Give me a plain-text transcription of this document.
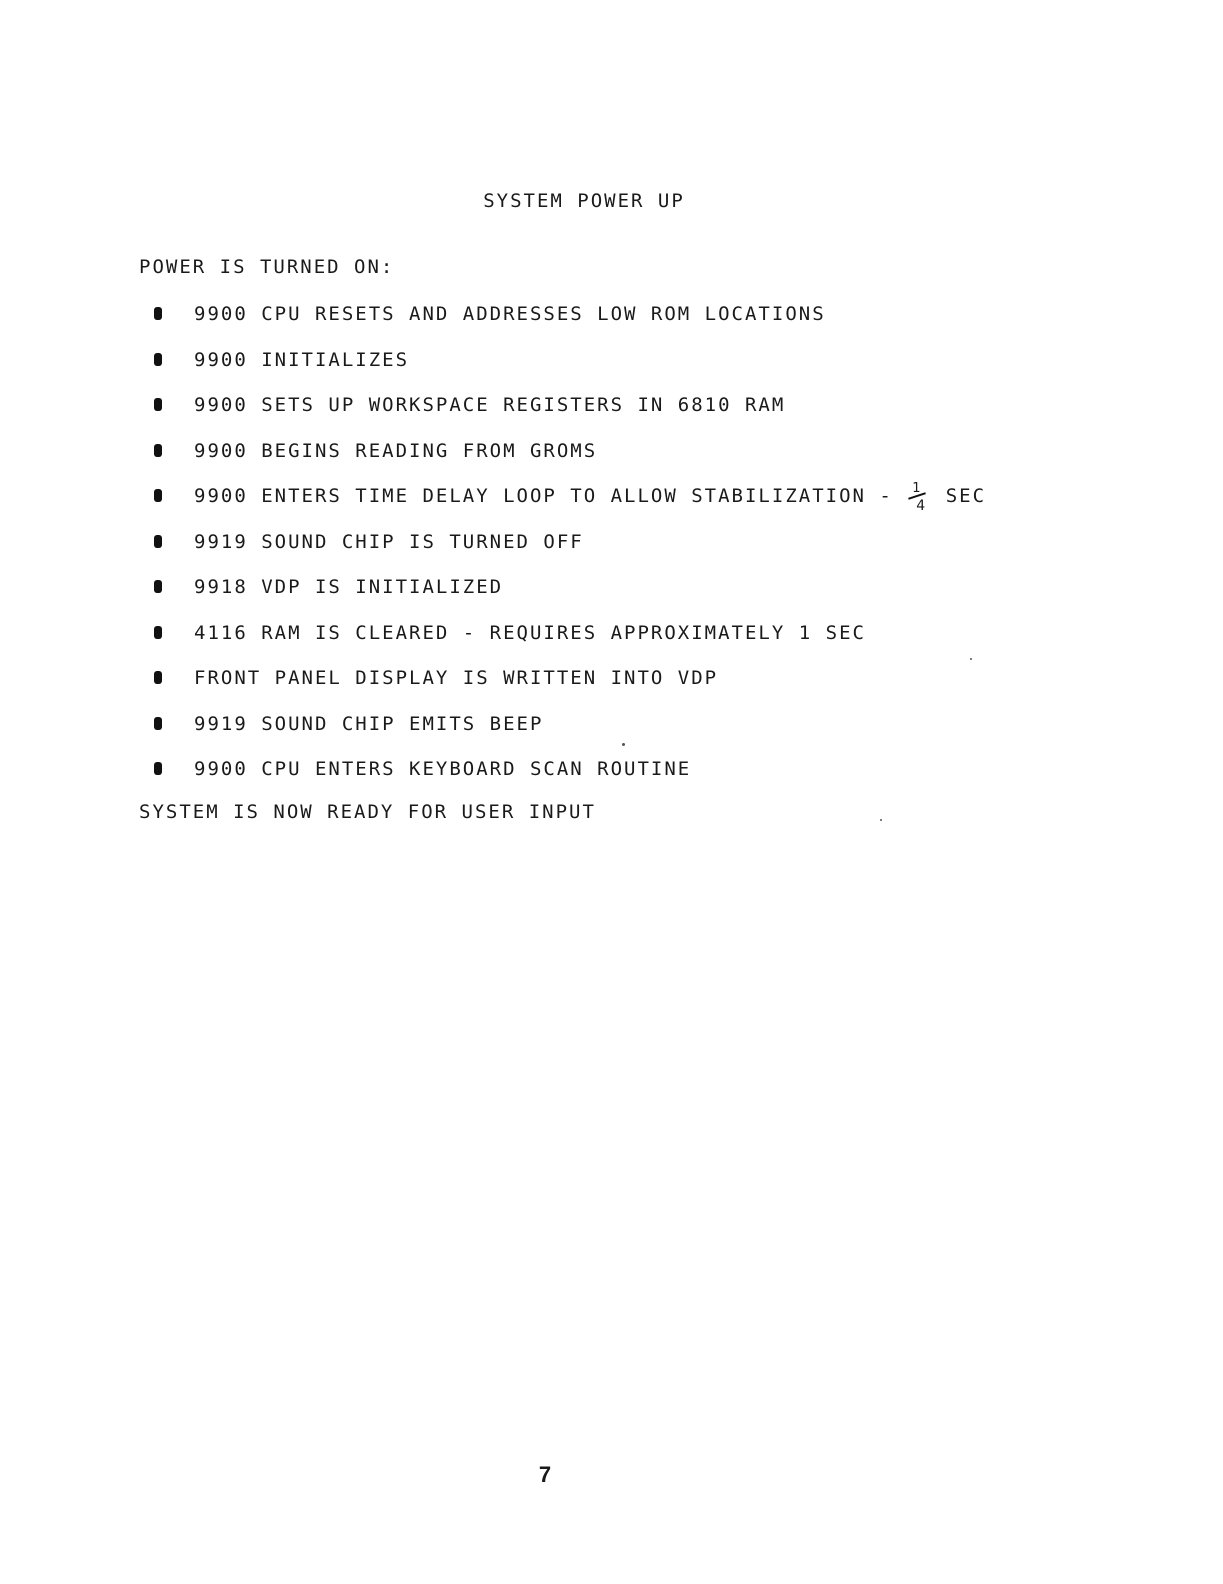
SYSTEM POWER UP
POWER IS TURNED ON:
9900 CPU RESETS AND ADDRESSES LOW ROM LOCATIONS
9900 INITIALIZES
9900 SETS UP WORKSPACE REGISTERS IN 6810 RAM
9900 BEGINS READING FROM GROMS
9900 ENTERS TIME DELAY LOOP TO ALLOW STABILIZATION - 1
4 SEC
9919 SOUND CHIP IS TURNED OFF
9918 VDP IS INITIALIZED
4116 RAM IS CLEARED - REQUIRES APPROXIMATELY 1 SEC
FRONT PANEL DISPLAY IS WRITTEN INTO VDP
9919 SOUND CHIP EMITS BEEP
9900 CPU ENTERS KEYBOARD SCAN ROUTINE
SYSTEM IS NOW READY FOR USER INPUT
7
